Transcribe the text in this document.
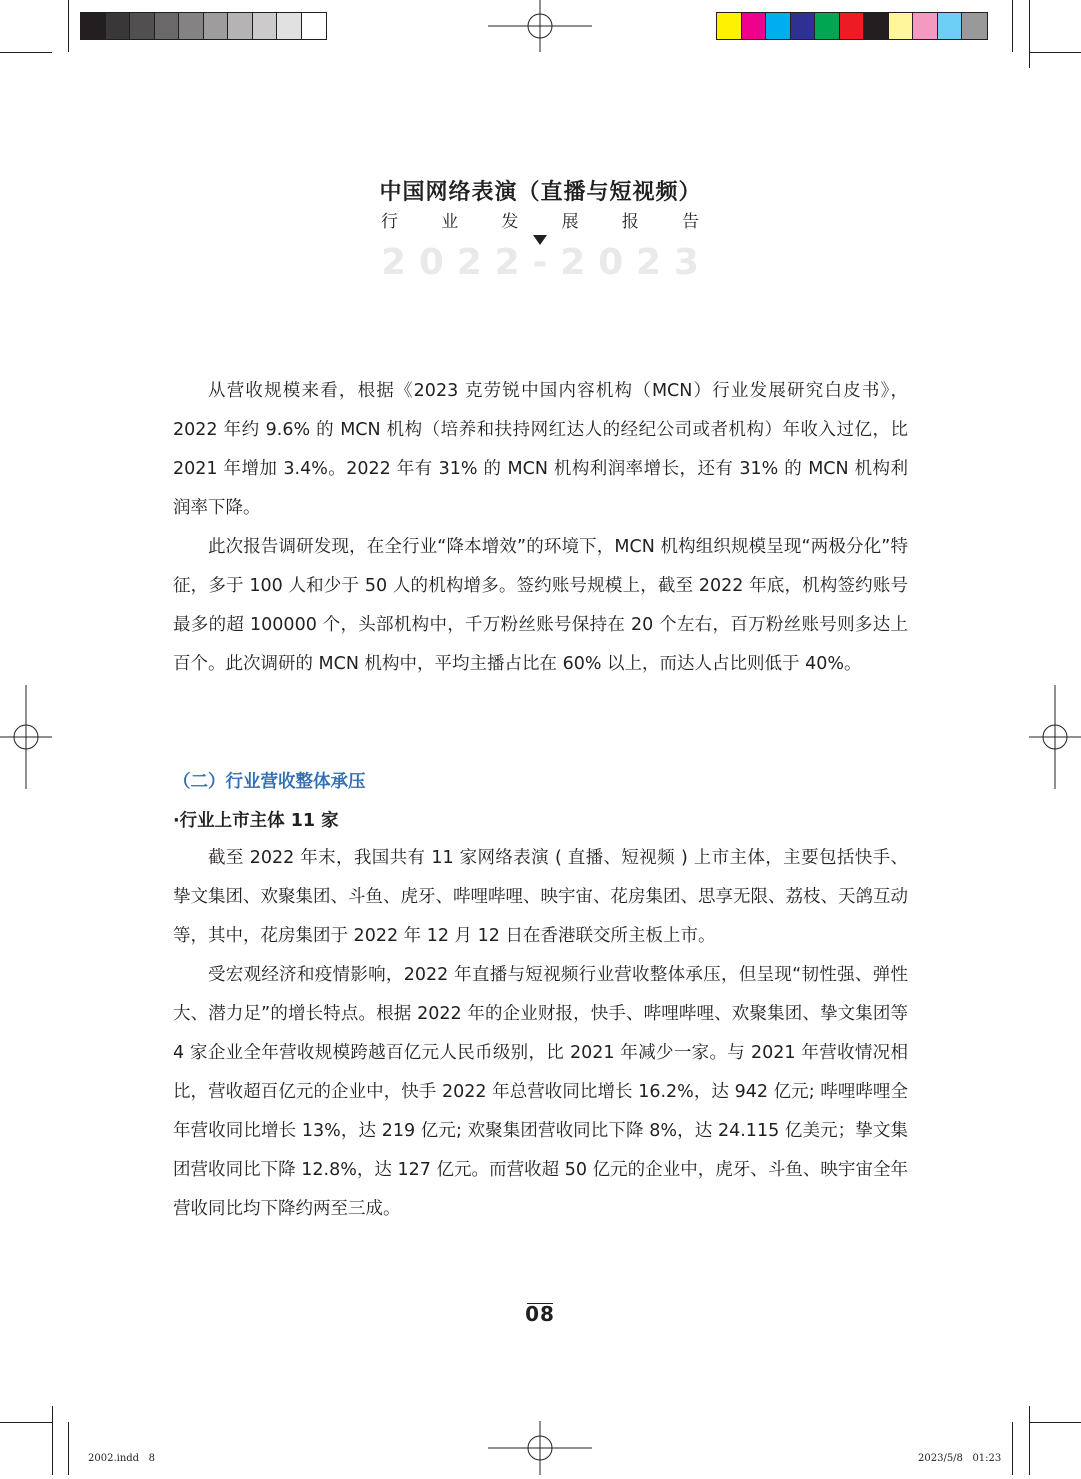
中国网络表演（直播与短视频）
行	业	发	展	报	告
2 0 2 2 - 2 0 2 3

从营收规模来看，根据《2023 克劳锐中国内容机构（MCN）行业发展研究白皮书》，2022 年约 9.6% 的 MCN 机构（培养和扶持网红达人的经纪公司或者机构）年收入过亿，比 2021 年增加 3.4%。2022 年有 31% 的 MCN 机构利润率增长，还有 31% 的 MCN 机构利润率下降。

此次报告调研发现，在全行业“降本增效”的环境下，MCN 机构组织规模呈现“两极分化”特征，多于 100 人和少于 50 人的机构增多。签约账号规模上，截至 2022 年底，机构签约账号最多的超 100000 个，头部机构中，千万粉丝账号保持在 20 个左右，百万粉丝账号则多达上百个。此次调研的 MCN 机构中，平均主播占比在 60% 以上，而达人占比则低于 40%。

（二）行业营收整体承压
·行业上市主体 11 家

截至 2022 年末，我国共有 11 家网络表演 ( 直播、短视频 ) 上市主体，主要包括快手、挚文集团、欢聚集团、斗鱼、虎牙、哔哩哔哩、映宇宙、花房集团、思享无限、荔枝、天鸽互动等，其中，花房集团于 2022 年 12 月 12 日在香港联交所主板上市。

受宏观经济和疫情影响，2022 年直播与短视频行业营收整体承压，但呈现“韧性强、弹性大、潜力足”的增长特点。根据 2022 年的企业财报，快手、哔哩哔哩、欢聚集团、挚文集团等 4 家企业全年营收规模跨越百亿元人民币级别，比 2021 年减少一家。与 2021 年营收情况相比，营收超百亿元的企业中，快手 2022 年总营收同比增长 16.2%，达 942 亿元; 哔哩哔哩全年营收同比增长 13%，达 219 亿元; 欢聚集团营收同比下降 8%，达 24.115 亿美元；挚文集团营收同比下降 12.8%，达 127 亿元。而营收超 50 亿元的企业中，虎牙、斗鱼、映宇宙全年营收同比均下降约两至三成。

08
2002.indd   8	2023/5/8   01:23
